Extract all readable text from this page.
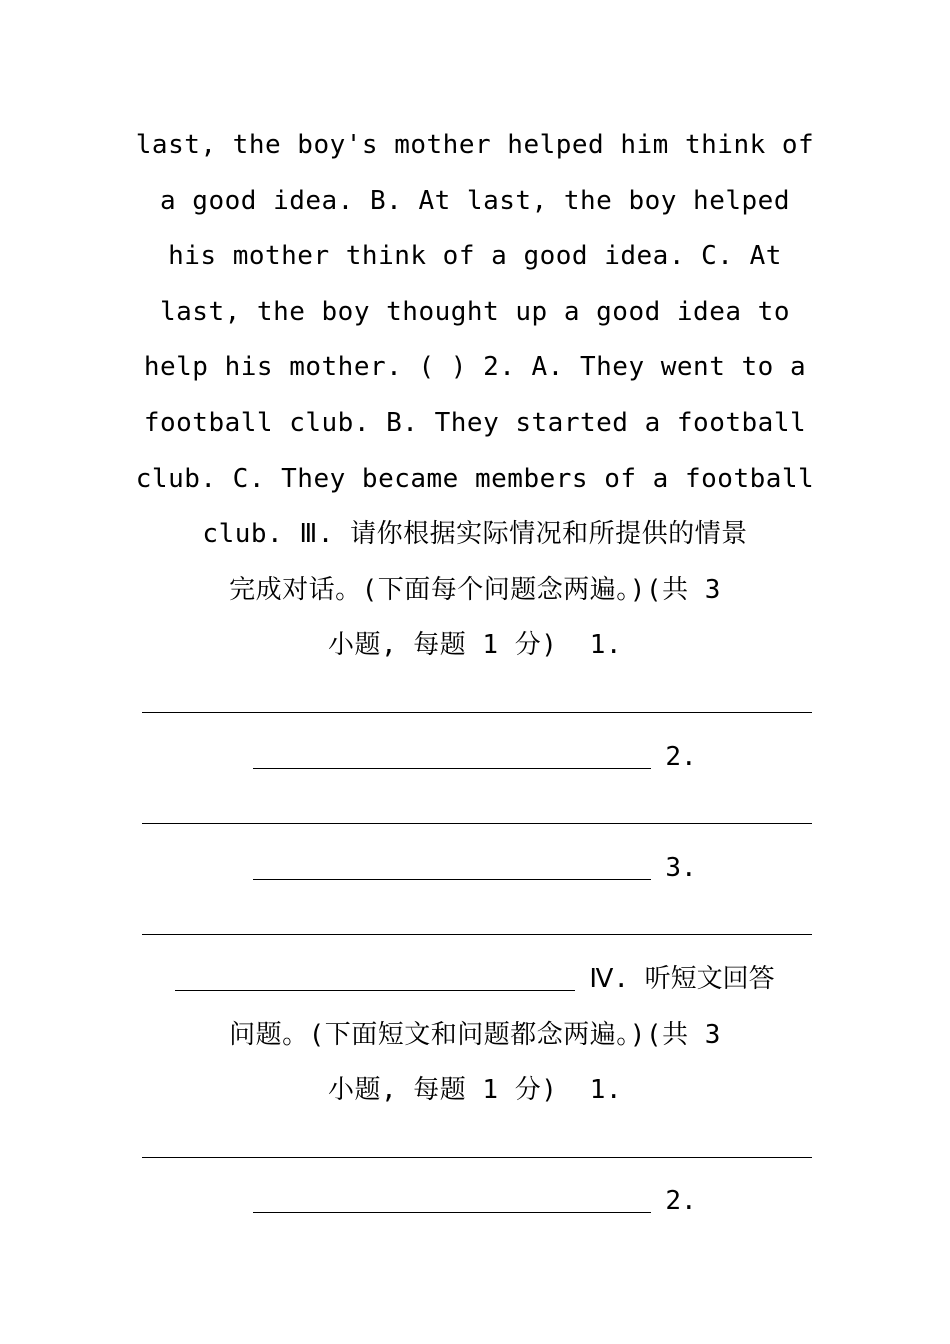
last, the boy's mother helped him think of
a good idea. B. At last, the boy helped
his mother think of a good idea. C. At
last, the boy thought up a good idea to
help his mother. ( ) 2. A. They went to a
football club. B. They started a football
club. C. They became members of a football
club. Ⅲ. 请你根据实际情况和所提供的情景
完成对话。(下面每个问题念两遍。)(共 3
小题, 每题 1 分)  1.
2.
3.
Ⅳ. 听短文回答
问题。(下面短文和问题都念两遍。)(共 3
小题, 每题 1 分)  1.
2.
